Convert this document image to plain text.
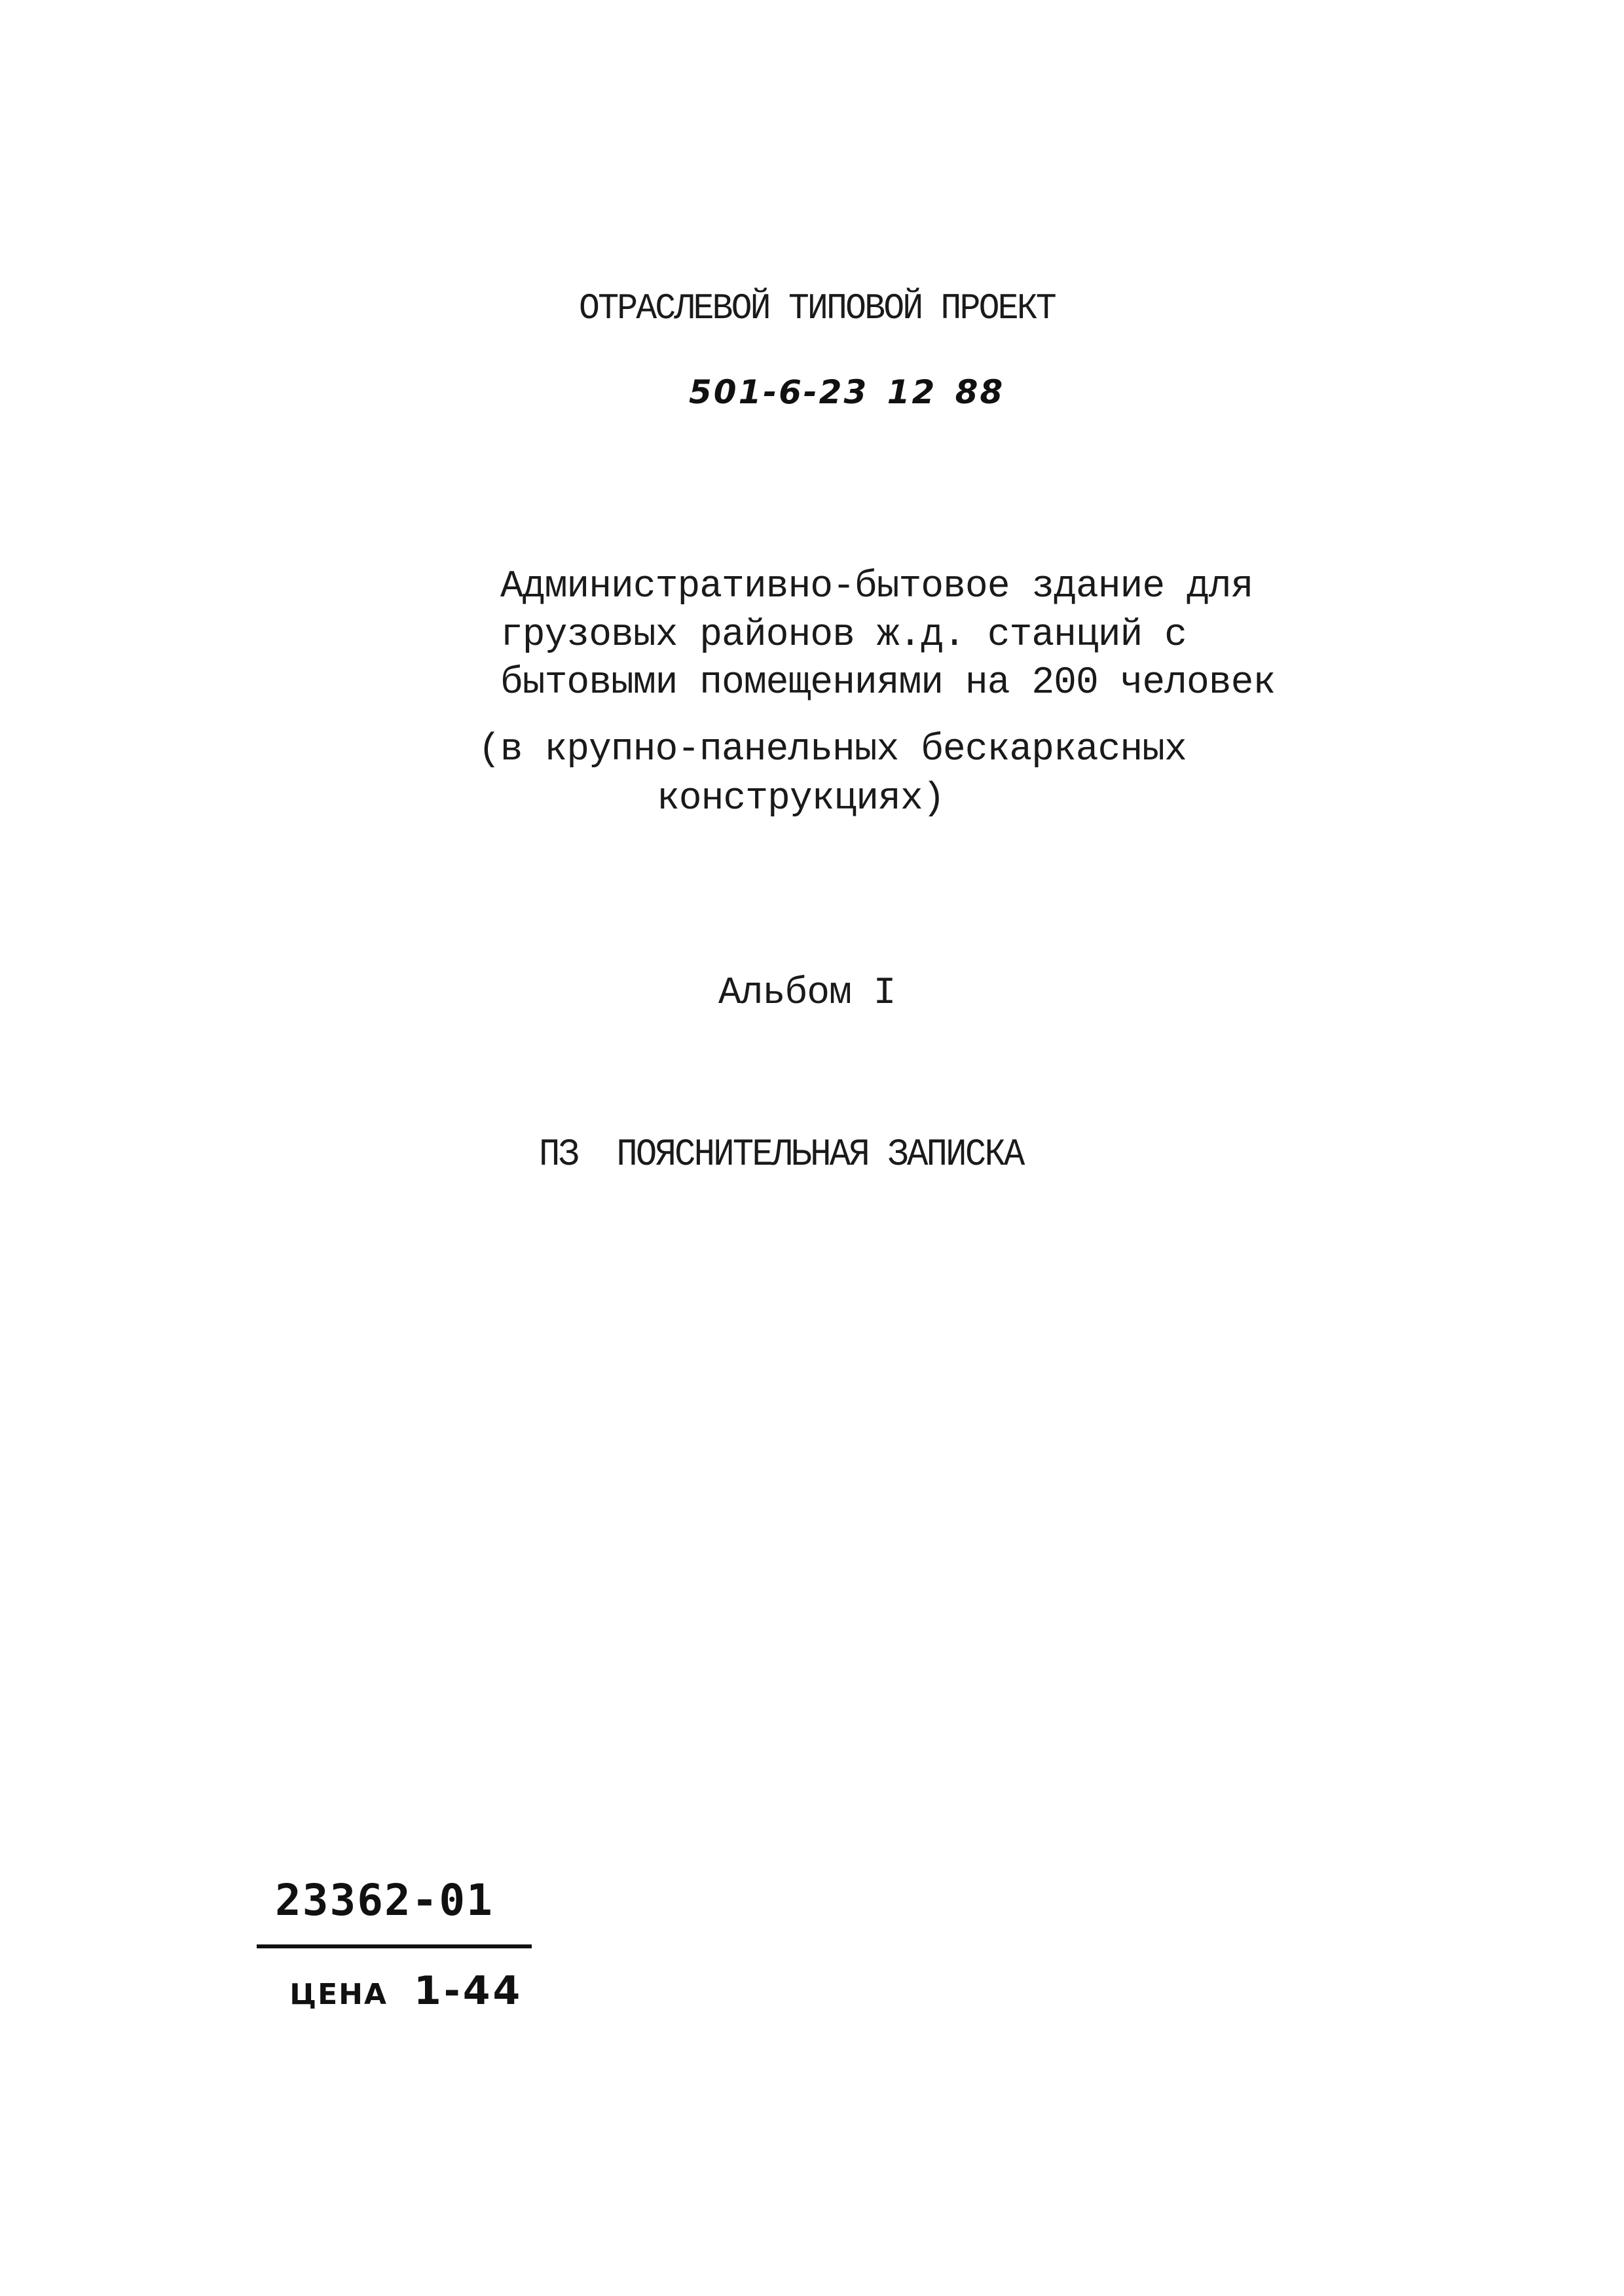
ОТРАСЛЕВОЙ ТИПОВОЙ ПРОЕКТ
501-6-23 12 88
Административно-бытовое здание для
грузовых районов ж.д. станций с
бытовыми помещениями на 200 человек
(в крупно-панельных бескаркасных
конструкциях)
Альбом I
ПЗ  ПОЯСНИТЕЛЬНАЯ ЗАПИСКА
23362-01

ЦЕНА 1-44
